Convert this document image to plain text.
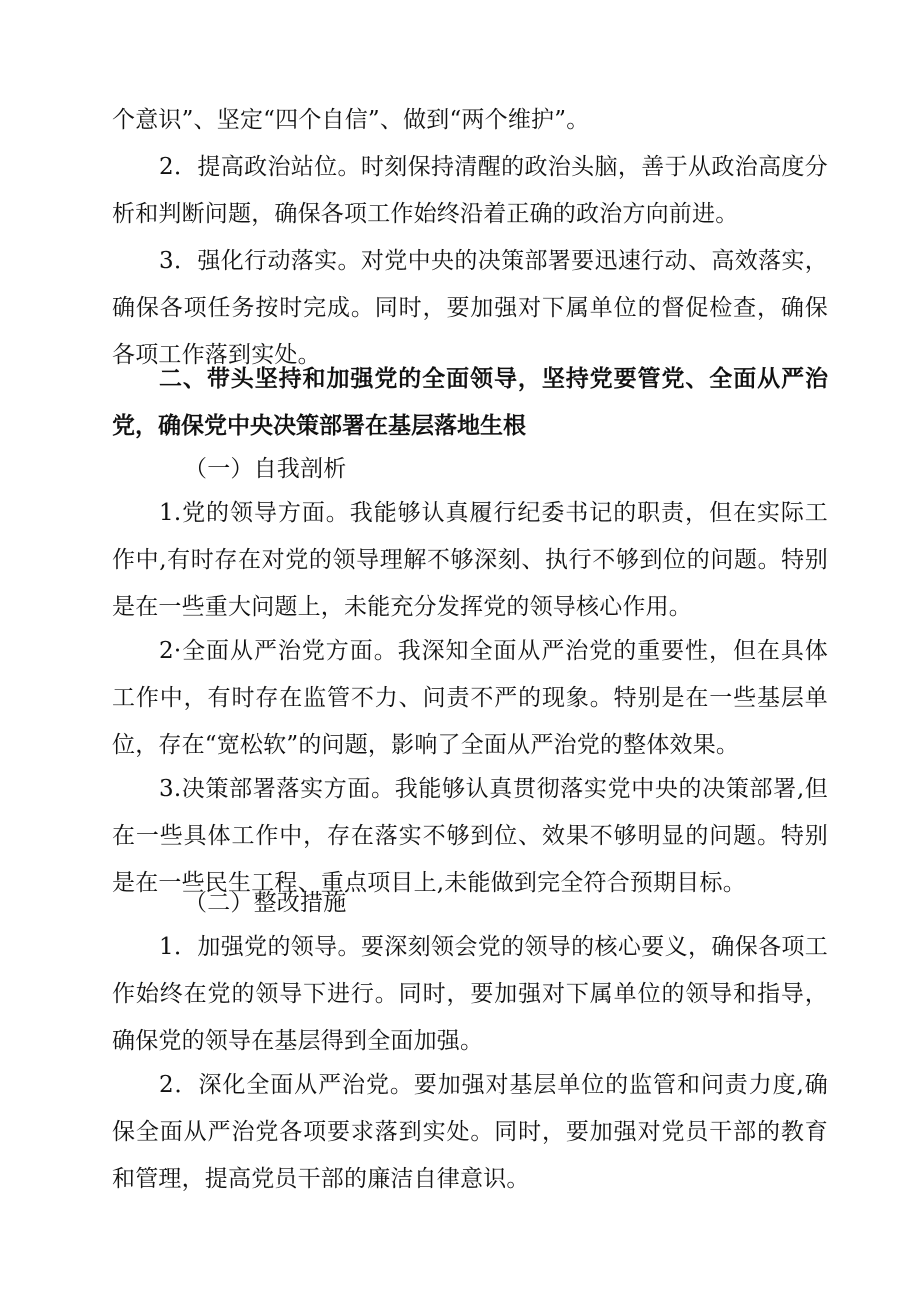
个意识”、坚定“四个自信”、做到“两个维护”。

2．提高政治站位。时刻保持清醒的政治头脑，善于从政治高度分析和判断问题，确保各项工作始终沿着正确的政治方向前进。

3．强化行动落实。对党中央的决策部署要迅速行动、高效落实，确保各项任务按时完成。同时，要加强对下属单位的督促检查，确保各项工作落到实处。

二、带头坚持和加强党的全面领导，坚持党要管党、全面从严治党，确保党中央决策部署在基层落地生根

（一）自我剖析

1.党的领导方面。我能够认真履行纪委书记的职责，但在实际工作中,有时存在对党的领导理解不够深刻、执行不够到位的问题。特别是在一些重大问题上，未能充分发挥党的领导核心作用。

2·全面从严治党方面。我深知全面从严治党的重要性，但在具体工作中，有时存在监管不力、问责不严的现象。特别是在一些基层单位，存在“宽松软”的问题，影响了全面从严治党的整体效果。

3.决策部署落实方面。我能够认真贯彻落实党中央的决策部署,但在一些具体工作中，存在落实不够到位、效果不够明显的问题。特别是在一些民生工程、重点项目上,未能做到完全符合预期目标。

（二）整改措施

1．加强党的领导。要深刻领会党的领导的核心要义，确保各项工作始终在党的领导下进行。同时，要加强对下属单位的领导和指导，确保党的领导在基层得到全面加强。

2．深化全面从严治党。要加强对基层单位的监管和问责力度,确保全面从严治党各项要求落到实处。同时，要加强对党员干部的教育和管理，提高党员干部的廉洁自律意识。
